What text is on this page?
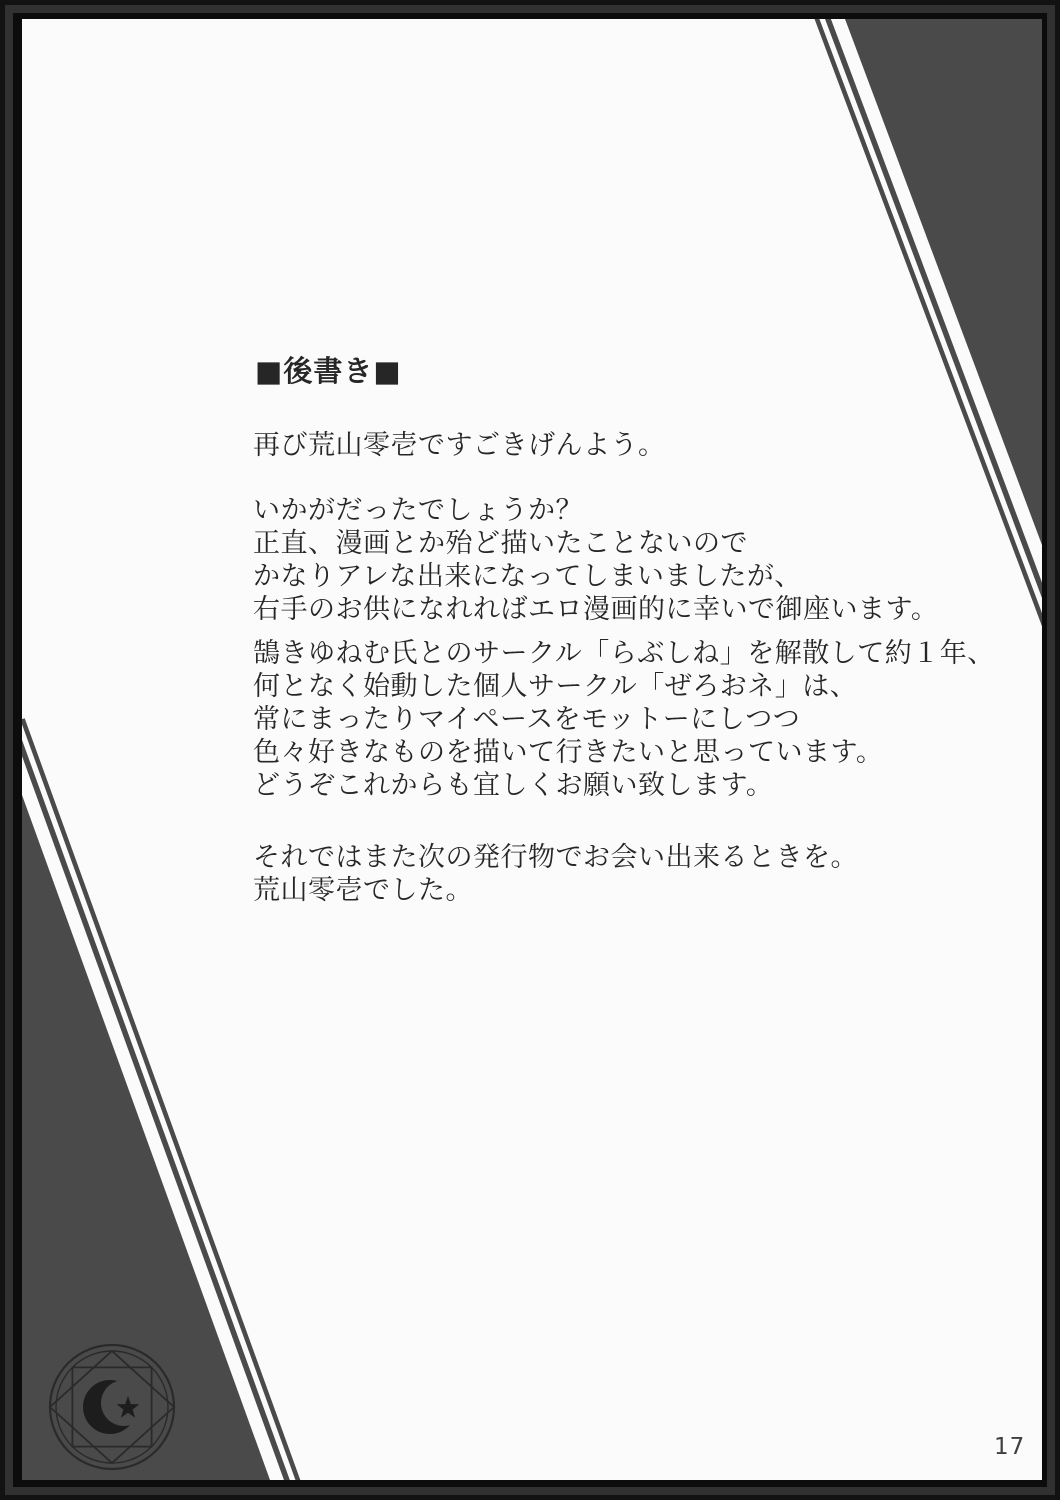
■後書き■
再び荒山零壱ですごきげんよう。
いかがだったでしょうか？
正直、漫画とか殆ど描いたことないので
かなりアレな出来になってしまいましたが、
右手のお供になれればエロ漫画的に幸いで御座います。
鵠きゆねむ氏とのサークル「らぶしね」を解散して約１年、
何となく始動した個人サークル「ぜろおネ」は、
常にまったりマイペースをモットーにしつつ
色々好きなものを描いて行きたいと思っています。
どうぞこれからも宜しくお願い致します。
それではまた次の発行物でお会い出来るときを。
荒山零壱でした。
17
